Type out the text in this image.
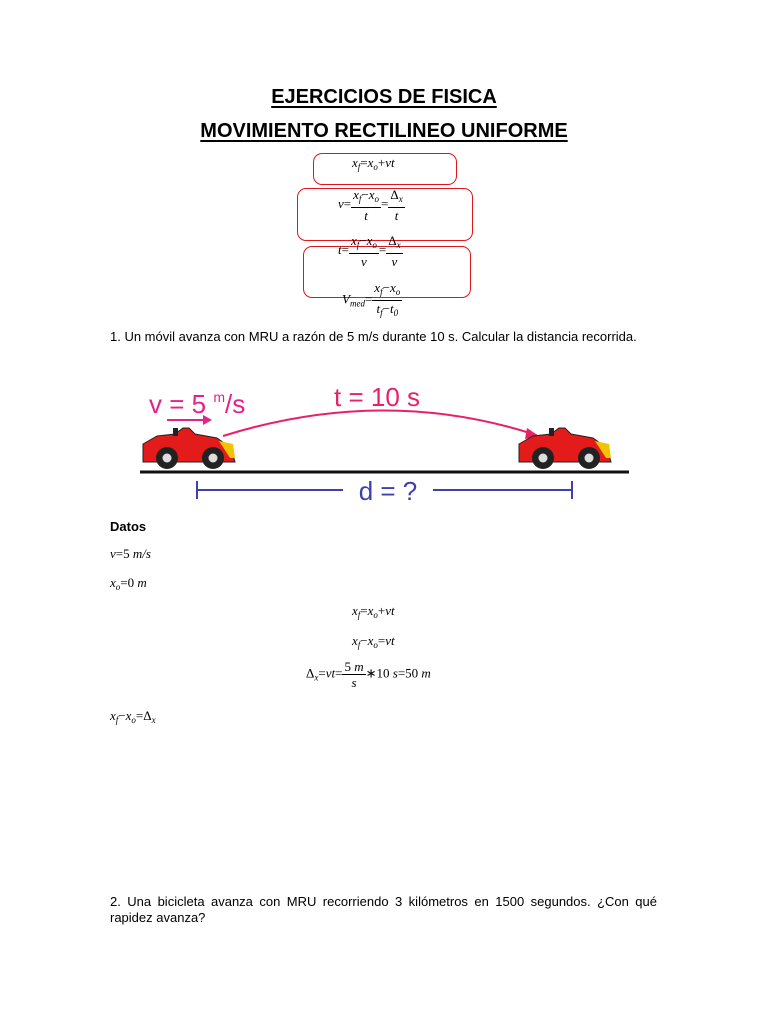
EJERCICIOS DE FISICA
MOVIMIENTO RECTILINEO UNIFORME
$x_f=x_o+vt$
$v= \frac{x_f-x_o}{t} = \frac{\Delta_x}{t}$
$t= \frac{x_f-x_o}{v} = \frac{\Delta_x}{v}$
$V_{med}= \frac{x_f-x_o}{t_f-t_0}$
1. Un móvil avanza con MRU a razón de 5 m/s durante 10 s. Calcular la distancia recorrida.
v = 5 $^m$/s	t = 10 s
d = ?
Datos
v=5 m/s
$x_o=0$ m
$x_f=x_o+vt$
$x_f-x_o=vt$
$\Delta_x=vt= \frac{5 m}{s}$ ∗10 s=50 m
$x_f-x_o=\Delta_x$
2. Una bicicleta avanza con MRU recorriendo 3 kilómetros en 1500 segundos. ¿Con qué rapidez avanza?
